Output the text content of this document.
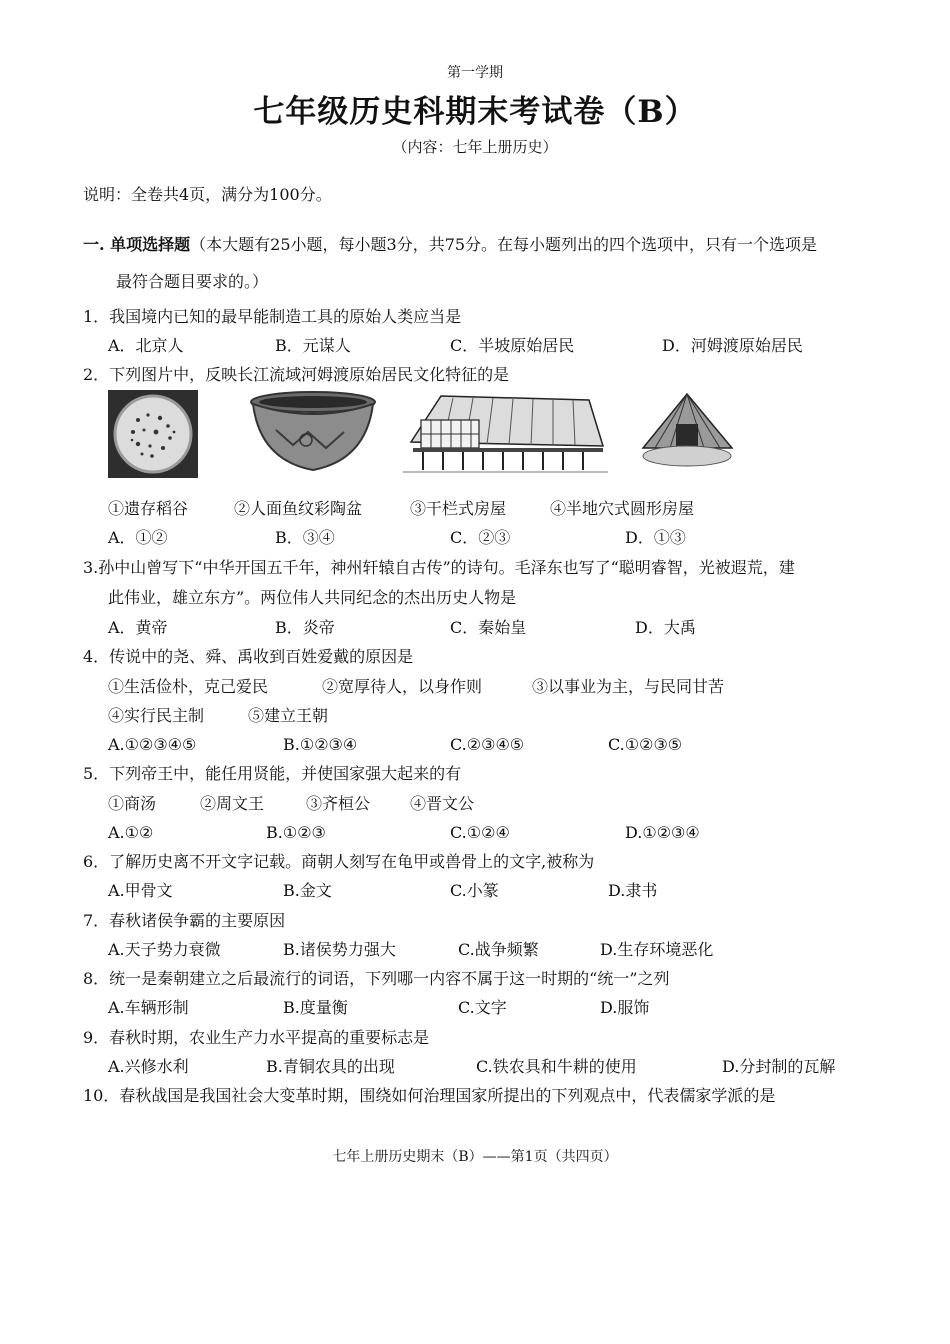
第一学期
七年级历史科期末考试卷（B）
（内容：七年上册历史）
说明：全卷共4页，满分为100分。
一. 单项选择题（本大题有25小题，每小题3分，共75分。在每小题列出的四个选项中，只有一个选项是
最符合题目要求的。）
1．我国境内已知的最早能制造工具的原始人类应当是
A．北京人	B．元谋人	C．半坡原始居民	D．河姆渡原始居民
2．下列图片中，反映长江流域河姆渡原始居民文化特征的是
①遗存稻谷	②人面鱼纹彩陶盆	③干栏式房屋	④半地穴式圆形房屋
A．①②	B．③④	C．②③	D．①③
3.孙中山曾写下“中华开国五千年，神州轩辕自古传”的诗句。毛泽东也写了“聪明睿智，光被遐荒，建
此伟业，雄立东方”。两位伟人共同纪念的杰出历史人物是
A．黄帝	B．炎帝	C．秦始皇	D．大禹
4．传说中的尧、舜、禹收到百姓爱戴的原因是
①生活俭朴，克己爱民	②宽厚待人，以身作则	③以事业为主，与民同甘苦
④实行民主制	⑤建立王朝
A.①②③④⑤	B.①②③④	C.②③④⑤	C.①②③⑤
5．下列帝王中，能任用贤能，并使国家强大起来的有
①商汤	②周文王	③齐桓公 ④晋文公
A.①②	B.①②③	C.①②④	D.①②③④
6．了解历史离不开文字记载。商朝人刻写在龟甲或兽骨上的文字,被称为
A.甲骨文	B.金文	C.小篆	D.隶书
7．春秋诸侯争霸的主要原因
A.天子势力衰微	B.诸侯势力强大	C.战争频繁	D.生存环境恶化
8．统一是秦朝建立之后最流行的词语，下列哪一内容不属于这一时期的“统一”之列
A.车辆形制	B.度量衡	C.文字	D.服饰
9．春秋时期，农业生产力水平提高的重要标志是
A.兴修水利	B.青铜农具的出现	C.铁农具和牛耕的使用	D.分封制的瓦解
10．春秋战国是我国社会大变革时期，围绕如何治理国家所提出的下列观点中，代表儒家学派的是
七年上册历史期末（B）——第1页（共四页）
